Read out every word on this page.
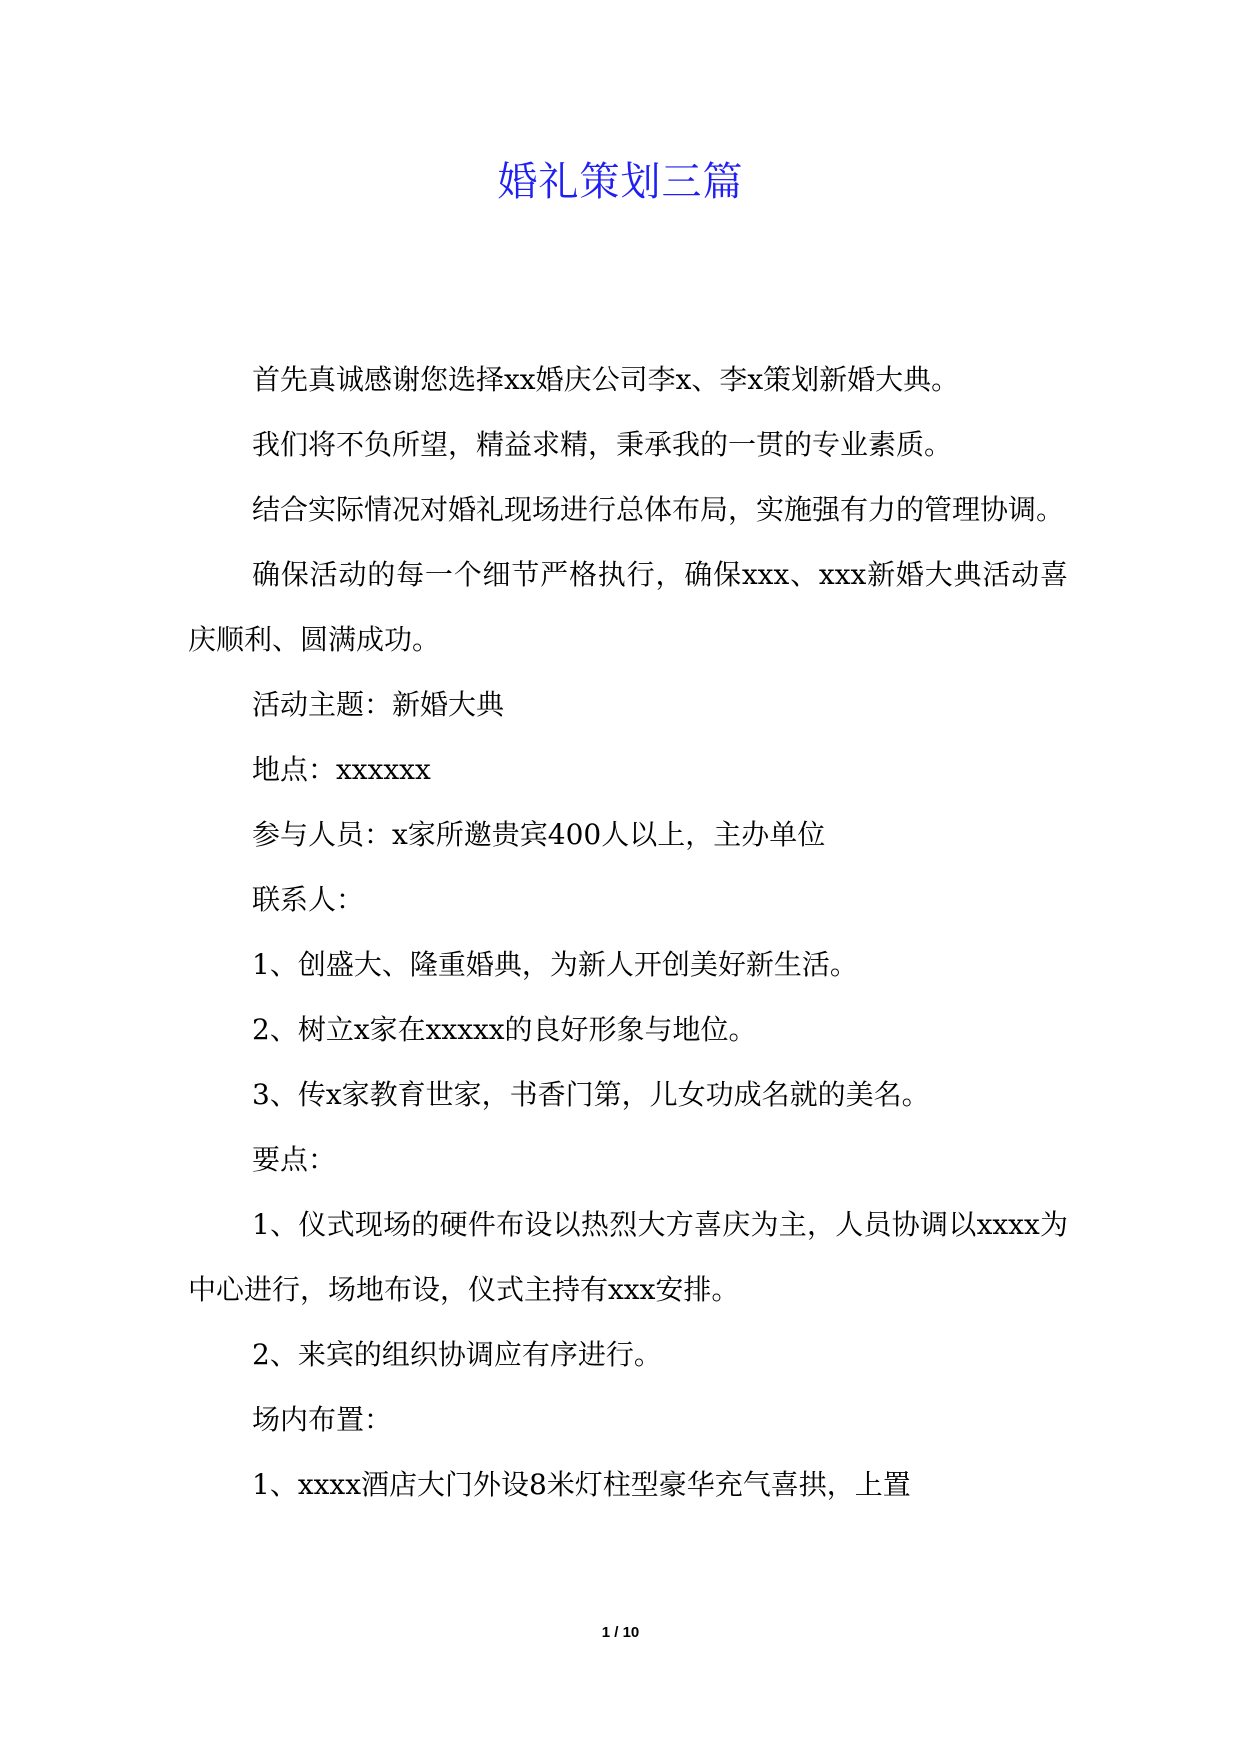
婚礼策划三篇

首先真诚感谢您选择xx婚庆公司李x、李x策划新婚大典。

我们将不负所望，精益求精，秉承我的一贯的专业素质。

结合实际情况对婚礼现场进行总体布局，实施强有力的管理协调。

确保活动的每一个细节严格执行，确保xxx、xxx新婚大典活动喜庆顺利、圆满成功。

活动主题：新婚大典

地点：xxxxxx

参与人员：x家所邀贵宾400人以上，主办单位

联系人：

1、创盛大、隆重婚典，为新人开创美好新生活。

2、树立x家在xxxxx的良好形象与地位。

3、传x家教育世家，书香门第，儿女功成名就的美名。

要点：

1、仪式现场的硬件布设以热烈大方喜庆为主，人员协调以xxxx为中心进行，场地布设，仪式主持有xxx安排。

2、来宾的组织协调应有序进行。

场内布置：

1、xxxx酒店大门外设8米灯柱型豪华充气喜拱，上置

1 / 10
